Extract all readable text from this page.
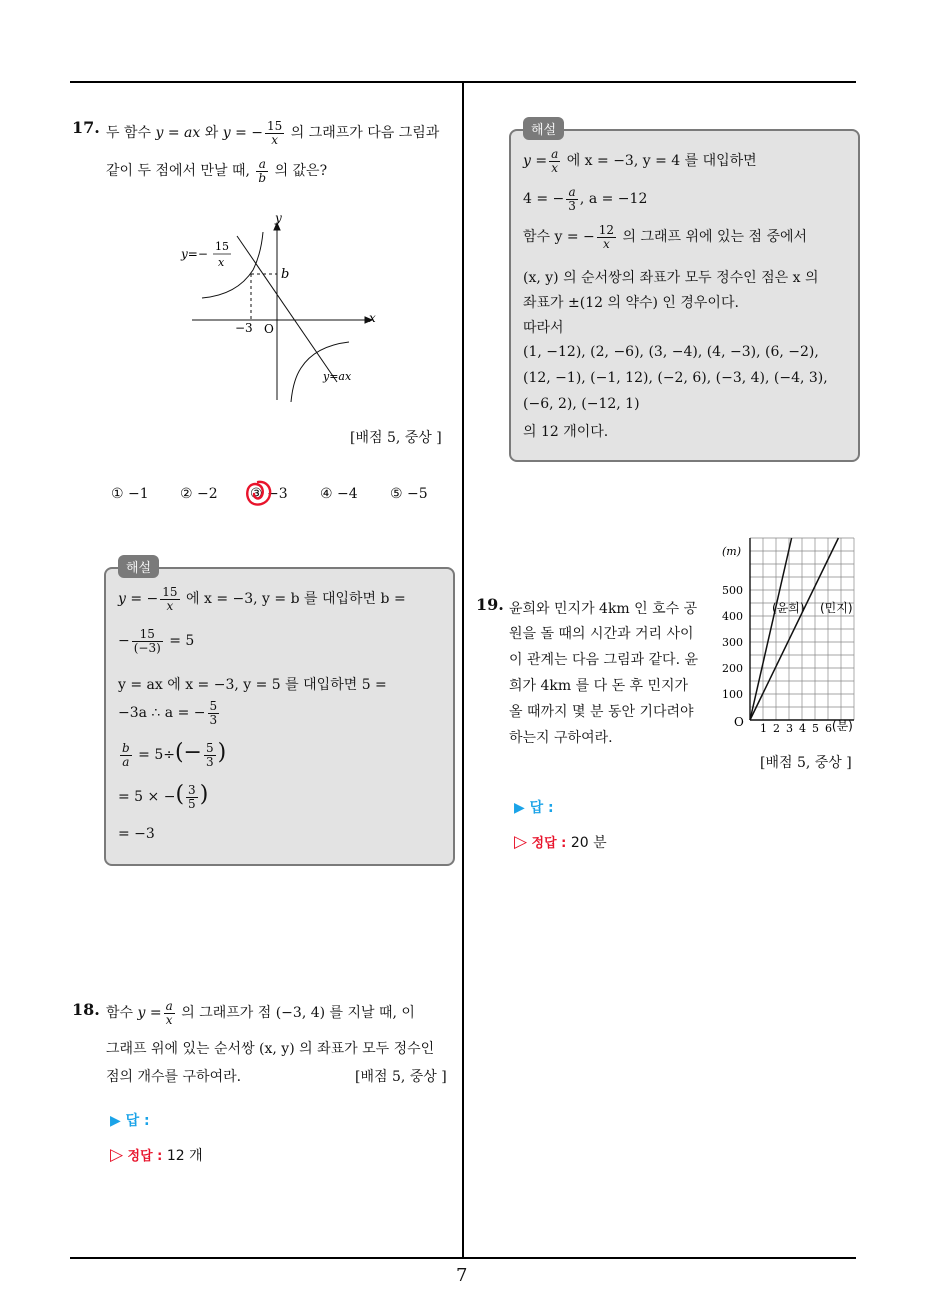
17. 두 함수 y = ax 와 y = − $\frac{15}{x}$ 의 그래프가 다음 그림과
같이 두 점에서 만날 때, $\frac{a}{b}$ 의 값은?
y=−
15
x
y
x
b
−3 O
y=ax
[배점 5, 중상 ]
① −1 ② −2 ③ −3 ④ −4 ⑤ −5
해설
y = − $\frac{15}{x}$ 에 x = −3, y = b 를 대입하면 b =
− $\frac{15}{(-3)} = 5$
y = ax 에 x = −3, y = 5 를 대입하면 5 =
−3a ∴ a = − $\frac{5}{3}$
$\frac{b}{a} = 5\div(- \frac{5}{3}$ )
= 5 × −( $\frac{3}{5}$ )
= −3
18. 함수 $y = \frac{a}{x}$ 의 그래프가 점 (−3, 4) 를 지날 때, 이
그래프 위에 있는 순서쌍 (x, y) 의 좌표가 모두 정수인
점의 개수를 구하여라.	[배점 5, 중상 ]
▶ 답 :
▷ 정답 : 12 개
해설
$y = \frac{a}{x}$ 에 x = −3, y = 4 를 대입하면
4 = − $\frac{a}{3}$ , a = −12
함수 y = − $\frac{12}{x}$ 의 그래프 위에 있는 점 중에서
(x, y) 의 순서쌍의 좌표가 모두 정수인 점은 x 의
좌표가 ±(12 의 약수) 인 경우이다.
따라서
(1, −12), (2, −6), (3, −4), (4, −3), (6, −2),
(12, −1), (−1, 12), (−2, 6), (−3, 4), (−4, 3),
(−6, 2), (−12, 1)
의 12 개이다.
19. 윤희와 민지가 4km 인 호수 공
원을 돌 때의 시간과 거리 사이
이 관계는 다음 그림과 같다. 윤
희가 4km 를 다 돈 후 민지가
올 때까지 몇 분 동안 기다려야
하는지 구하여라.
(윤희) (민지)
1 2 3 4 5 6
100
200
300
400
500
(m)
O	(분)
[배점 5, 중상 ]
▶ 답 :
▷ 정답 : 20 분
7
